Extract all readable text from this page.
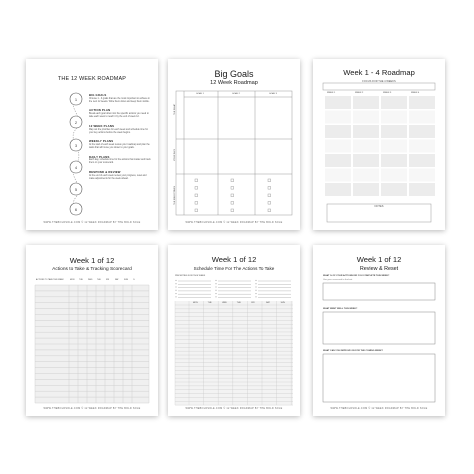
THE 12 WEEK ROADMAP
1
2
3
4
5
6
BIG GOALS
Choose 1 - 3 goals that are the most important to achieve in the next 12 weeks. Write them down and keep them visible.
ACTION PLAN
Break each goal down into the specific actions you need to take each week to reach it by the end of week 12.
12 WEEK PLANS
Map out the priorities for each week and schedule time for your key actions before the week begins.
WEEKLY PLANS
At the start of each week review your roadmap and plan the tasks that will move you closer to your goals.
DAILY PLANS
Each day, schedule time for the actions that matter and track them on your scorecard.
RESPOND & REVIEW
At the end of each week review your progress, reset and make adjustments for the week ahead.
WWW.THEBOLDSOLE.COM © 12 WEEK ROADMAP BY THE BOLD SOLE
Big Goals
12 Week Roadmap
GOAL 1	GOAL 2	GOAL 3
THE WHAT
YOUR WHY
THE MILESTONES
WWW.THEBOLDSOLE.COM © 12 WEEK ROADMAP BY THE BOLD SOLE
Week 1 - 4 Roadmap
FOCUS FOR THE 4 WEEKS
WEEK 1	WEEK 2	WEEK 3	WEEK 4
NOTES
Week 1 of 12
Actions to Take & Tracking Scorecard
WWW.THEBOLDSOLE.COM © 12 WEEK ROADMAP BY THE BOLD SOLE
ACTIONS TO TAKE THIS WEEK	MON TUE	WED THU	FRI	SAT	SUN	%
Week 1 of 12
Schedule Time For The Actions To Take
PRIORITIES FOR THIS WEEK
WWW.THEBOLDSOLE.COM © 12 WEEK ROADMAP BY THE BOLD SOLE
MON	TUE	WED	THU	FRI	SAT	SUN
Week 1 of 12
Review & Reset
WHAT % OF YOUR ACTIONS DID YOU COMPLETE THIS WEEK?
Use your scorecard to find out
WHAT WENT WELL THIS WEEK?
WHAT CAN YOU IMPROVE ON FOR THE COMING WEEK?
WWW.THEBOLDSOLE.COM © 12 WEEK ROADMAP BY THE BOLD SOLE
